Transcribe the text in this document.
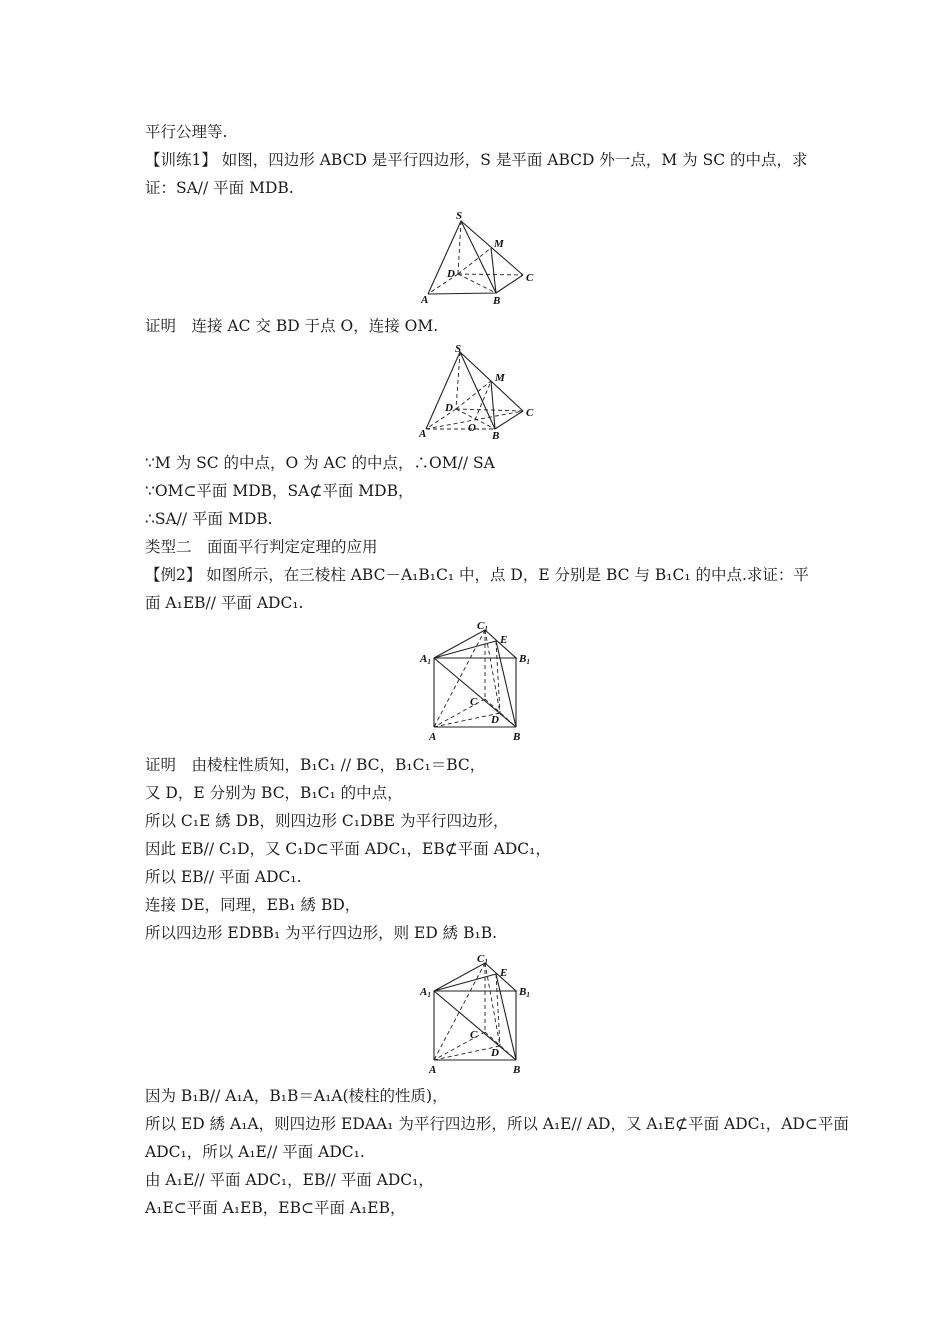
平行公理等.
【训练1】 如图，四边形 ABCD 是平行四边形，S 是平面 ABCD 外一点，M 为 SC 的中点，求
证：SA// 平面 MDB.
S
M
D	C
A	B
证明　连接 AC 交 BD 于点 O，连接 OM.
S
M
D	C
A	O
B
∵M 为 SC 的中点，O 为 AC 的中点，∴OM// SA
∵OM⊂平面 MDB，SA⊄平面 MDB，
∴SA// 平面 MDB.
类型二　面面平行判定定理的应用
【例2】 如图所示，在三棱柱 ABC－A₁B₁C₁ 中，点 D，E 分别是 BC 与 B₁C₁ 的中点.求证：平
面 A₁EB// 平面 ADC₁.
C1
E
A1	B1
C
D
A	B
证明　由棱柱性质知，B₁C₁ // BC，B₁C₁＝BC，
又 D，E 分别为 BC，B₁C₁ 的中点，
所以 C₁E 綉 DB，则四边形 C₁DBE 为平行四边形，
因此 EB// C₁D，又 C₁D⊂平面 ADC₁，EB⊄平面 ADC₁，
所以 EB// 平面 ADC₁.
连接 DE，同理，EB₁ 綉 BD，
所以四边形 EDBB₁ 为平行四边形，则 ED 綉 B₁B.
C1
E
A1	B1
C
D
A	B
因为 B₁B// A₁A，B₁B＝A₁A(棱柱的性质)，
所以 ED 綉 A₁A，则四边形 EDAA₁ 为平行四边形，所以 A₁E// AD，又 A₁E⊄平面 ADC₁，AD⊂平面
ADC₁，所以 A₁E// 平面 ADC₁.
由 A₁E// 平面 ADC₁，EB// 平面 ADC₁，
A₁E⊂平面 A₁EB，EB⊂平面 A₁EB，
